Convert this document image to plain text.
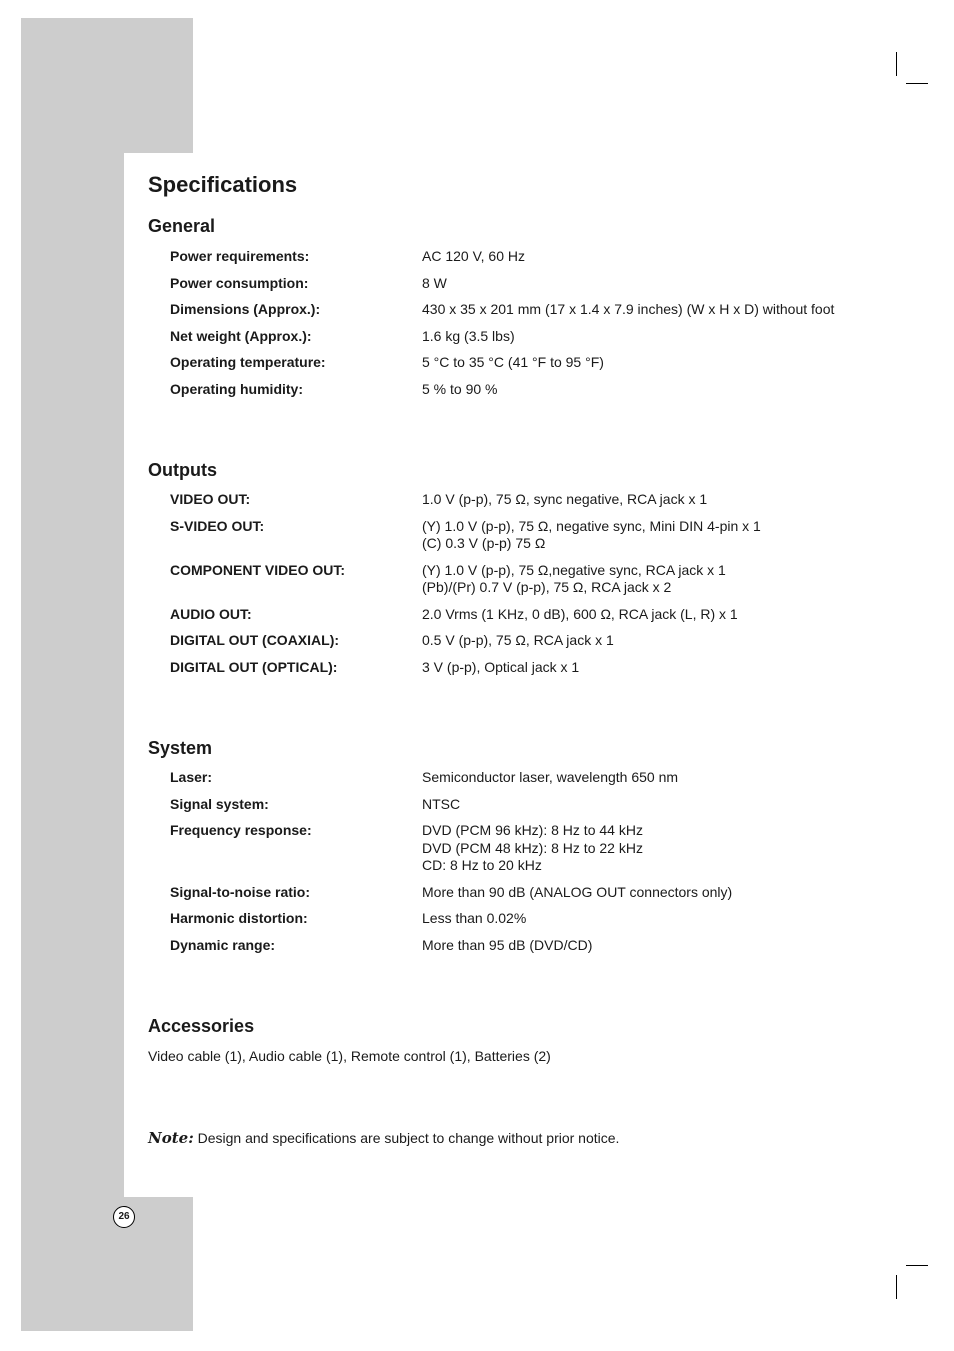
26
Specifications
General
Power requirements:	AC 120 V, 60 Hz
Power consumption:	8 W
Dimensions (Approx.):	430 x 35 x 201 mm (17 x 1.4 x 7.9 inches) (W x H x D) without foot
Net weight (Approx.):	1.6 kg (3.5 lbs)
Operating temperature:	5 °C to 35 °C (41 °F to 95 °F)
Operating humidity:	5 % to 90 %
Outputs
VIDEO OUT:	1.0 V (p-p), 75 Ω, sync negative, RCA jack x 1
S-VIDEO OUT:	(Y) 1.0 V (p-p), 75 Ω, negative sync, Mini DIN 4-pin x 1
(C) 0.3 V (p-p) 75 Ω
COMPONENT VIDEO OUT:	(Y) 1.0 V (p-p), 75 Ω,negative sync, RCA jack x 1
(Pb)/(Pr) 0.7 V (p-p), 75 Ω, RCA jack x 2
AUDIO OUT:	2.0 Vrms (1 KHz, 0 dB), 600 Ω, RCA jack (L, R) x 1
DIGITAL OUT (COAXIAL):	0.5 V (p-p), 75 Ω, RCA jack x 1
DIGITAL OUT (OPTICAL):	3 V (p-p), Optical jack x 1
System
Laser:	Semiconductor laser, wavelength 650 nm
Signal system:	NTSC
Frequency response:	DVD (PCM 96 kHz): 8 Hz to 44 kHz
DVD (PCM 48 kHz): 8 Hz to 22 kHz
CD: 8 Hz to 20 kHz
Signal-to-noise ratio:	More than 90 dB (ANALOG OUT connectors only)
Harmonic distortion:	Less than 0.02%
Dynamic range:	More than 95 dB (DVD/CD)
Accessories
Video cable (1), Audio cable (1), Remote control (1), Batteries (2)
Note: Design and specifications are subject to change without prior notice.
